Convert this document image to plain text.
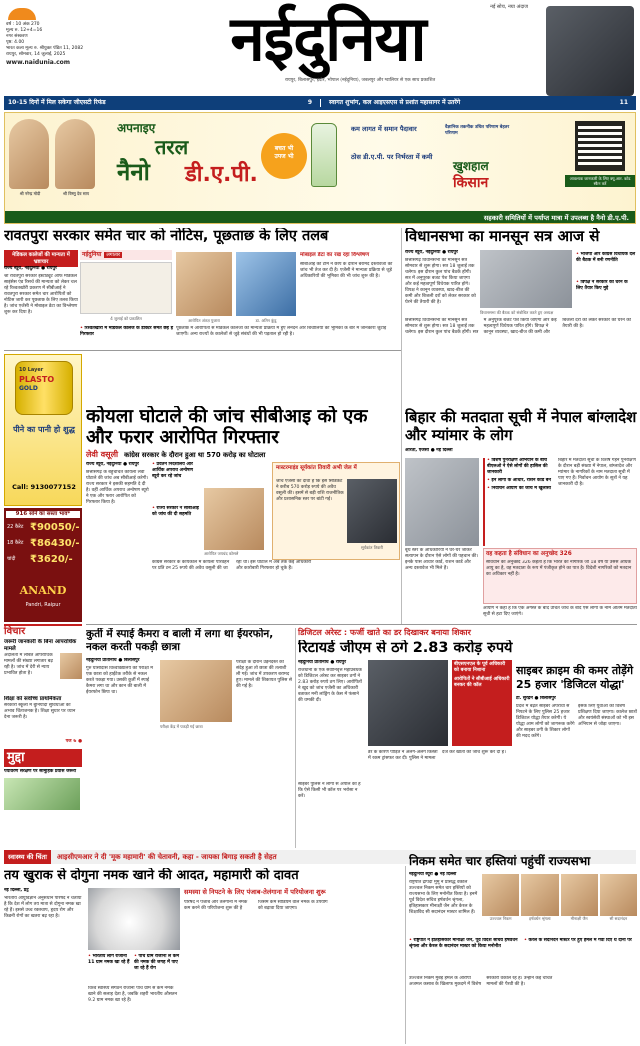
वर्ष : 10 अंक 270
मूल्य रु. 12+4=16
नगर संस्करण
पृष्ठ: 4.00
भारत कला मूल्य रु. श्रीयुक्त पंडित 11, 2082
रायपुर, सोमवार, 14 जुलाई, 2025
www.naidunia.com	नईदुनिया	नई सोच, नया अंदाज
रायपुर, बिलासपुर, इंदौर, भोपाल (नईदुनिया), जबलपुर और ग्वालियर से एक साथ प्रकाशित
10-15 दिनों में मिल सकेगा जीएसटी रिफंड	9	स्वागत शुभांग, कल आइएसएस से प्रशांत महासागर में उतरेंगे	11
श्री नरेन्द्र मोदी	श्री विष्णु देव साय
अपनाइए
तरल
नैनो डी.ए.पी.
बचत भी
उपज भी
कम लागत में समान पैदावार	वैज्ञानिक तकनीक उचित परिणाम बेहतर परिणाम
ठोस डी.ए.पी. पर निर्भरता में कमी
खुशहाल
किसान	आवश्यक जानकारी के लिए क्यू.आर. कोड स्कैन करें
सहकारी समितियों में पर्याप्त मात्रा में उपलब्ध है नैनो डी.ए.पी.
रावतपुरा सरकार समेत चार को नोटिस, पूछताछ के लिए तलब	विधानसभा का मानसून सत्र आज से
मेडिकल कालेजों की मान्यता में भ्रष्टाचार
नईदुनिया	लगातार
राज्य ब्यूरो, नईदुनिया ● रायपुर
श्री रावतपुरा सरकार इंस्टीट्यूट आफ मेडिकल साइंसेस एंड रिसर्च की मान्यता को लेकर चल रहे रिश्वतखोरी प्रकरण में सीबीआई ने रावतपुरा सरकार समेत चार आरोपितों को नोटिस जारी कर पूछताछ के लिए तलब किया है। जांच एजेंसी ने मोबाइल डेटा का विश्लेषण शुरू कर दिया है।
4 जुलाई को प्रकाशित	आरोपित अंतज्ञ पुजारा
मोबाइल डेटा का रख रहा विश्लेषण
डा. अतिन कुंडू
सीबीआई की टीम ने छापे के दौरान बरामद दस्तावेजों की जांच भी तेज कर दी है। एजेंसी ने मान्यता प्रक्रिया से जुड़े अधिकारियों की भूमिका की भी जांच शुरू की है।
• रिश्वतखोरी में मेडिकल कालेज के डाक्टर समेत छह हैं गिरफ्तार
पूछताछ में आरोपितों से मेडिकल कालेजों की मान्यता प्रक्रिया में हुए लेनदेन और बिचौलियों की भूमिका के बारे में जानकारी जुटाई जाएगी। अन्य राज्यों के कालेजों से जुड़े संबंधों की भी पड़ताल हो रही है।
राज्य ब्यूरो, नईदुनिया ● रायपुर
छत्तीसगढ़ विधानसभा का मानसून सत्र सोमवार से शुरू होगा। सत्र 18 जुलाई तक चलेगा। इस दौरान कुल पांच बैठकें होंगी। सत्र में अनुपूरक बजट पेश किया जाएगा और कई महत्वपूर्ण विधेयक पारित होंगे। विपक्ष ने कानून व्यवस्था, खाद-बीज की कमी और बिजली दरों को लेकर सरकार को घेरने की तैयारी की है।
विधानसभा की बैठक को संबोधित करते हुए अध्यक्ष
• भाजपा और कांग्रेस विधायक दल की बैठक में बनी रणनीति
• विपक्ष ने सरकार को घेरने के लिए तैयार किए मुद्दे
छत्तीसगढ़ विधानसभा का मानसून सत्र सोमवार से शुरू होगा। सत्र 18 जुलाई तक चलेगा। इस दौरान कुल पांच बैठकें होंगी। सत्र में अनुपूरक बजट पेश किया जाएगा और कई महत्वपूर्ण विधेयक पारित होंगे। विपक्ष ने कानून व्यवस्था, खाद-बीज की कमी और बिजली दरों को लेकर सरकार को घेरने की तैयारी की है।
10 Layer
PLASTO
GOLD
पीने का पानी हो शुद्ध
Call: 9130077152
916 सोने का सस्ता भाव*
22 कैरेट ₹90050/-
18 कैरेट ₹86430/-
चांदी ₹3620/-
ANAND
Pandri, Raipur
कोयला घोटाले की जांच सीबीआइ को एक और फरार आरोपित गिरफ्तार
लेवी वसूली कांग्रेस सरकार के दौरान हुआ था 570 करोड़ का घोटाला
राज्य ब्यूरो, नईदुनिया ● रायपुर
छत्तीसगढ़ के बहुचर्चित कोयला लेवी घोटाले की जांच अब सीबीआई करेगी। राज्य सरकार ने इसकी सहमति दे दी है। वहीं आर्थिक अपराध अन्वेषण ब्यूरो ने एक और फरार आरोपित को गिरफ्तार किया है।
• प्रवर्तन निदेशालय और आर्थिक अपराध अन्वेषण ब्यूरो कर रहे जांच
• राज्य सरकार ने सीबीआई को जांच की दी सहमति
आरोपित जयचंद कोसले
मास्टरमाइंड सूर्यकांत तिवारी अभी जेल में
जांच एजेंसी का दावा है कि इस सिंडिकेट ने करीब 570 करोड़ रुपये की अवैध वसूली की। इसमें से बड़ी राशि राजनीतिक और प्रशासनिक स्तर पर बांटी गई।
सूर्यकांत तिवारी
कांग्रेस सरकार के कार्यकाल में कोयला परिवहन पर प्रति टन 25 रुपये की अवैध वसूली की जा रही थी। इस घोटाले में अब तक कई अधिकारी और कारोबारी गिरफ्तार हो चुके हैं।
बिहार की मतदाता सूची में नेपाल बांग्लादेश और म्यांमार के लोग
आरती, एजेंसी ● नई दिल्ली
• विशेष पुनरीक्षण अभियान के बीच बीएलओ ने ऐसे लोगों की हासिल की जानकारी
• इन लोगों के आधार, राशन कार्ड बने
• निर्वाचन आयोग की जांच में खुलासा
बिहार में मतदाता सूची के विशेष गहन पुनरीक्षण के दौरान बड़ी संख्या में नेपाल, बांग्लादेश और म्यांमार के नागरिकों के नाम मतदाता सूची में पाए गए हैं। निर्वाचन आयोग के सूत्रों ने यह जानकारी दी है।
वह कहता है संविधान का अनुच्छेद 326
संविधान का अनुच्छेद 326 कहता है कि भारत का नागरिक जो 18 वर्ष या उससे अधिक आयु का है, वह मतदाता के रूप में पंजीकृत होने का पात्र है। विदेशी नागरिकों को मतदान का अधिकार नहीं है।
बूथ स्तर के अधिकारियों ने घर-घर जाकर सत्यापन के दौरान ऐसे लोगों की पहचान की। इनके पास आधार कार्ड, राशन कार्ड और अन्य दस्तावेज भी मिले हैं।
आयोग ने कहा है कि एक अगस्त के बाद उचित जांच के बाद ऐसे लोगों के नाम अंतिम मतदाता सूची से हटा दिए जाएंगे।
विचार
जरूरी जानकारी के बिना आपराधिक मामले
अदालतों में लंबित आपराधिक मामलों की संख्या लगातार बढ़ रही है। जांच में देरी से न्याय प्रभावित होता है।
शिक्षा को सर्वोच्च प्राथमिकता
सरकारी स्कूलों में बुनियादी सुविधाओं का अभाव चिंताजनक है। शिक्षा सुधार पर ध्यान देना जरूरी है।
पेज 6 ●
मुद्दा
पर्यावरण संरक्षण पर सामूहिक प्रयास जरूरी
कुर्ती में स्पाई कैमरा व बाली में लगा था ईयरफोन, नकल करती पकड़ी छात्रा
नईदुनिया प्रतिनिधि ● बिलासपुर
गुरु घासीदास विश्वविद्यालय की परीक्षा में एक छात्रा को हाईटेक तरीके से नकल करते पकड़ा गया। उसकी कुर्ती में स्पाई कैमरा लगा था और कान की बाली में ईयरफोन छिपा था।
परीक्षा केंद्र में पकड़ी गई छात्रा
परीक्षा के दौरान उड़नदस्ते को संदेह हुआ तो छात्रा की तलाशी ली गई। जांच में उपकरण बरामद हुए। मामले की शिकायत पुलिस से की गई है।
डिजिटल अरेस्ट : फर्जी खाते का डर दिखाकर बनाया शिकार
रिटायर्ड जीएम से ठगे 2.83 करोड़ रुपये
नईदुनिया प्रतिनिधि ● रायपुर
राजधानी के एक सेवानिवृत्त महाप्रबंधक को डिजिटल अरेस्ट कर साइबर ठगों ने 2.83 करोड़ रुपये ठग लिए। आरोपितों ने खुद को जांच एजेंसी का अधिकारी बताकर मनी लांड्रिंग के केस में फंसाने की धमकी दी।
बीएसएनएल के पूर्व अधिकारी को बनाया निशाना
आरोपितों ने सीबीआई अधिकारी बनकर की कॉल
डर के कारण पीड़ित ने अलग-अलग किस्तों में रकम ट्रांसफर कर दी। पुलिस ने मामला दर्ज कर खातों की जांच शुरू कर दी है।
साइबर पुलिस ने लोगों से अपील की है कि ऐसे किसी भी कॉल पर भरोसा न करें।
साइबर क्राइम की कमर तोड़ेंगे 25 हजार 'डिजिटल योद्धा'
टी. सुरेंद्रन ● बिलासपुर
प्रदेश में बढ़ते साइबर अपराधों से निपटने के लिए पुलिस 25 हजार डिजिटल योद्धा तैयार करेगी। ये योद्धा आम लोगों को जागरूक करेंगे और साइबर ठगी के शिकार लोगों की मदद करेंगे।
इसके लिए युवाओं को विशेष प्रशिक्षण दिया जाएगा। कालेज छात्रों और स्वयंसेवी संस्थाओं को भी इस अभियान से जोड़ा जाएगा।
स्वास्थ्य की चिंता	आइसीएमआर ने दी 'मूक महामारी' की चेतावनी, कहा - जायका बिगाड़ सकती है सेहत
तय खुराक से दोगुना नमक खाने की आदत, महामारी को दावत
नई दिल्ली, प्रेट्र
भारतीय आयुर्विज्ञान अनुसंधान परिषद ने चेताया है कि देश में लोग तय मात्रा से दोगुना नमक खा रहे हैं। इससे उच्च रक्तचाप, हृदय रोग और किडनी रोगों का खतरा बढ़ रहा है।
• भारतीय लोग रोजाना 11 ग्राम नमक खा रहे हैं
• पांच ग्राम रोजाना ले कम की नमक की जगह में पाए जा रहे हैं रोग
विश्व स्वास्थ्य संगठन रोजाना पांच ग्राम से कम नमक खाने की सलाह देता है, जबकि शहरी भारतीय औसतन 9.2 ग्राम नमक खा रहे हैं।
समस्या से निपटने के लिए पंजाब-तेलंगाना में परियोजना शुरू
परिषद ने पंजाब और तेलंगाना में नमक कम करने की परियोजना शुरू की है जिसमें कम सोडियम वाले नमक के उपयोग को बढ़ावा दिया जाएगा।
निकम समेत चार हस्तियां पहुंचीं राज्यसभा
नईदुनिया ब्यूरो ● नई दिल्ली
राष्ट्रपति द्रौपदी मुर्मु ने प्रसिद्ध वकील उज्ज्वल निकम समेत चार हस्तियों को राज्यसभा के लिए मनोनीत किया है। इनमें पूर्व विदेश सचिव हर्षवर्धन श्रृंगला, इतिहासकार मीनाक्षी जैन और केरल के शिक्षाविद सी सदानंदन मास्टर शामिल हैं।
उज्ज्वल निकम	हर्षवर्धन श्रृंगला	मीनाक्षी जैन	सी सदानंदन
• राष्ट्रपति ने इतिहासकार मीनाक्षी जैन, पूर्व विदेश सचिव हर्षवर्धन श्रृंगला और केरल के सदानंदन मास्टर को किया मनोनीत
• केरल के सदानंदन मास्टर पर हुए हमले में गंवा दिए थे दोनों पैर
उज्ज्वल निकम मुंबई हमले के आरोपी अजमल कसाब के खिलाफ मुकदमे में विशेष सरकारी वकील रहे हैं। उन्होंने कई चर्चित मामलों की पैरवी की है।
